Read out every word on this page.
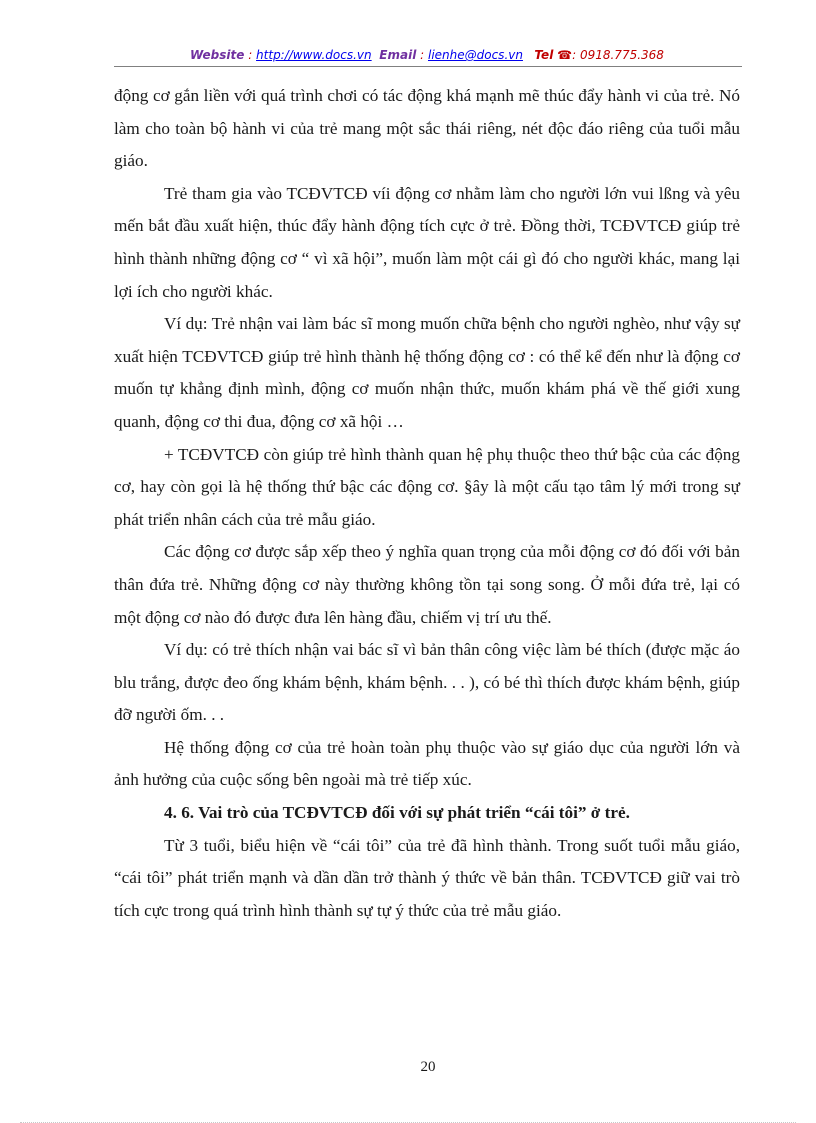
Website : http://www.docs.vn Email : lienhe@docs.vn Tel ☎: 0918.775.368

động cơ gắn liền với quá trình chơi có tác động khá mạnh mẽ thúc đẩy hành vi của trẻ. Nó làm cho toàn bộ hành vi của trẻ mang một sắc thái riêng, nét độc đáo riêng của tuổi mẫu giáo.

Trẻ tham gia vào TCĐVTCĐ víi động cơ nhằm làm cho người lớn vui lßng và yêu mến bắt đầu xuất hiện, thúc đẩy hành động tích cực ở trẻ. Đồng thời, TCĐVTCĐ giúp trẻ hình thành những động cơ “ vì xã hội”, muốn làm một cái gì đó cho người khác, mang lại lợi ích cho người khác.

Ví dụ: Trẻ nhận vai làm bác sĩ mong muốn chữa bệnh cho người nghèo, như vậy sự xuất hiện TCĐVTCĐ giúp trẻ hình thành hệ thống động cơ : có thể kể đến như là động cơ muốn tự khẳng định mình, động cơ muốn nhận thức, muốn khám phá về thế giới xung quanh, động cơ thi đua, động cơ xã hội …

+ TCĐVTCĐ còn giúp trẻ hình thành quan hệ phụ thuộc theo thứ bậc của các động cơ, hay còn gọi là hệ thống thứ bậc các động cơ. §ây là một cấu tạo tâm lý mới trong sự phát triển nhân cách của trẻ mẫu giáo.

Các động cơ được sắp xếp theo ý nghĩa quan trọng của mỗi động cơ đó đối với bản thân đứa trẻ. Những động cơ này thường không tồn tại song song. Ở mỗi đứa trẻ, lại có một động cơ nào đó được đưa lên hàng đầu, chiếm vị trí ưu thế.

Ví dụ: có trẻ thích nhận vai bác sĩ vì bản thân công việc làm bé thích (được mặc áo blu trắng, được đeo ống khám bệnh, khám bệnh. . . ), có bé thì thích được khám bệnh, giúp đỡ người ốm. . .

Hệ thống động cơ của trẻ hoàn toàn phụ thuộc vào sự giáo dục của người lớn và ảnh hưởng của cuộc sống bên ngoài mà trẻ tiếp xúc.

4. 6. Vai trò của TCĐVTCĐ đối với sự phát triển “cái tôi” ở trẻ.

Từ 3 tuổi, biểu hiện về “cái tôi” của trẻ đã hình thành. Trong suốt tuổi mẫu giáo, “cái tôi” phát triển mạnh và dần dần trở thành ý thức về bản thân. TCĐVTCĐ giữ vai trò tích cực trong quá trình hình thành sự tự ý thức của trẻ mẫu giáo.

20
